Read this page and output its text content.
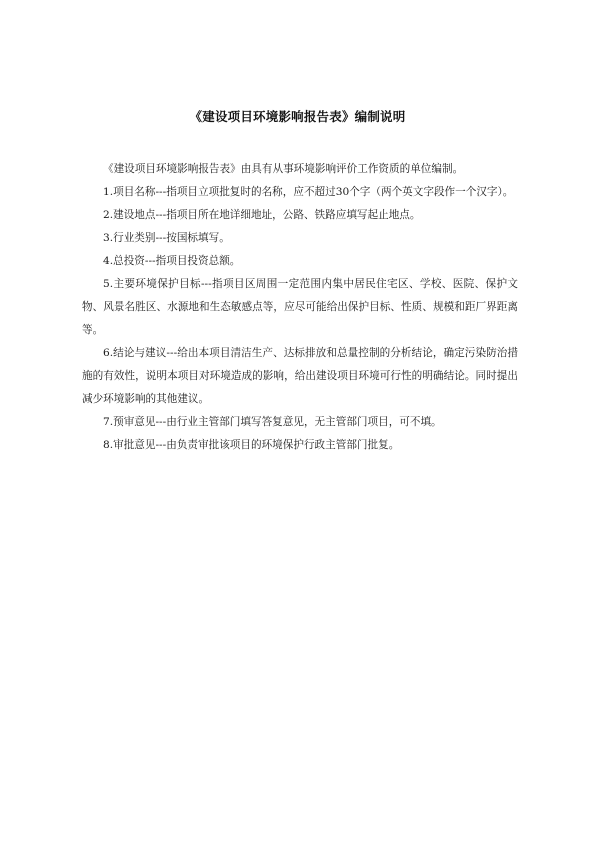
《建设项目环境影响报告表》编制说明

《建设项目环境影响报告表》由具有从事环境影响评价工作资质的单位编制。

1.项目名称---指项目立项批复时的名称，应不超过30个字（两个英文字段作一个汉字）。

2.建设地点---指项目所在地详细地址，公路、铁路应填写起止地点。

3.行业类别---按国标填写。

4.总投资---指项目投资总额。

5.主要环境保护目标---指项目区周围一定范围内集中居民住宅区、学校、医院、保护文物、风景名胜区、水源地和生态敏感点等，应尽可能给出保护目标、性质、规模和距厂界距离等。

6.结论与建议---给出本项目清洁生产、达标排放和总量控制的分析结论，确定污染防治措施的有效性，说明本项目对环境造成的影响，给出建设项目环境可行性的明确结论。同时提出减少环境影响的其他建议。

7.预审意见---由行业主管部门填写答复意见，无主管部门项目，可不填。

8.审批意见---由负责审批该项目的环境保护行政主管部门批复。
